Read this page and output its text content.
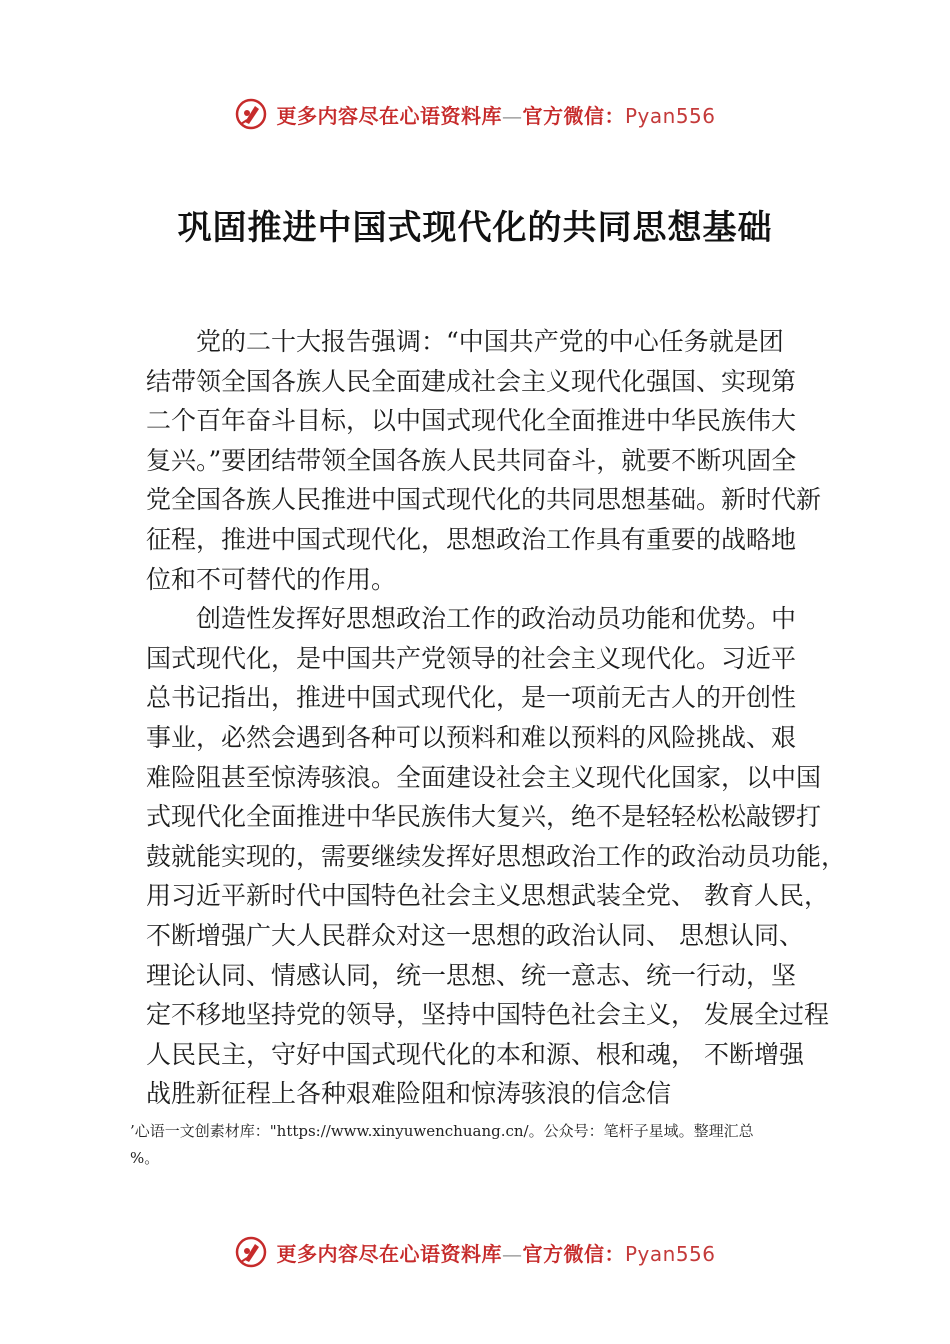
更多内容尽在心语资料库—官方微信：Pyan556
巩固推进中国式现代化的共同思想基础

党的二十大报告强调：“中国共产党的中心任务就是团
结带领全国各族人民全面建成社会主义现代化强国、实现第
二个百年奋斗目标，以中国式现代化全面推进中华民族伟大
复兴。”要团结带领全国各族人民共同奋斗，就要不断巩固全
党全国各族人民推进中国式现代化的共同思想基础。新时代新
征程，推进中国式现代化，思想政治工作具有重要的战略地
位和不可替代的作用。

创造性发挥好思想政治工作的政治动员功能和优势。中
国式现代化，是中国共产党领导的社会主义现代化。习近平
总书记指出，推进中国式现代化，是一项前无古人的开创性
事业，必然会遇到各种可以预料和难以预料的风险挑战、艰
难险阻甚至惊涛骇浪。全面建设社会主义现代化国家，以中国
式现代化全面推进中华民族伟大复兴，绝不是轻轻松松敲锣打
鼓就能实现的，需要继续发挥好思想政治工作的政治动员功能，
用习近平新时代中国特色社会主义思想武装全党、 教育人民，
不断增强广大人民群众对这一思想的政治认同、 思想认同、
理论认同、情感认同，统一思想、统一意志、统一行动，坚
定不移地坚持党的领导，坚持中国特色社会主义， 发展全过程
人民民主，守好中国式现代化的本和源、根和魂， 不断增强
战胜新征程上各种艰难险阻和惊涛骇浪的信念信

’心语一文创素材库："https://www.xinyuwenchuang.cn/。公众号：笔杆子星域。整理汇总
%。
更多内容尽在心语资料库—官方微信：Pyan556
